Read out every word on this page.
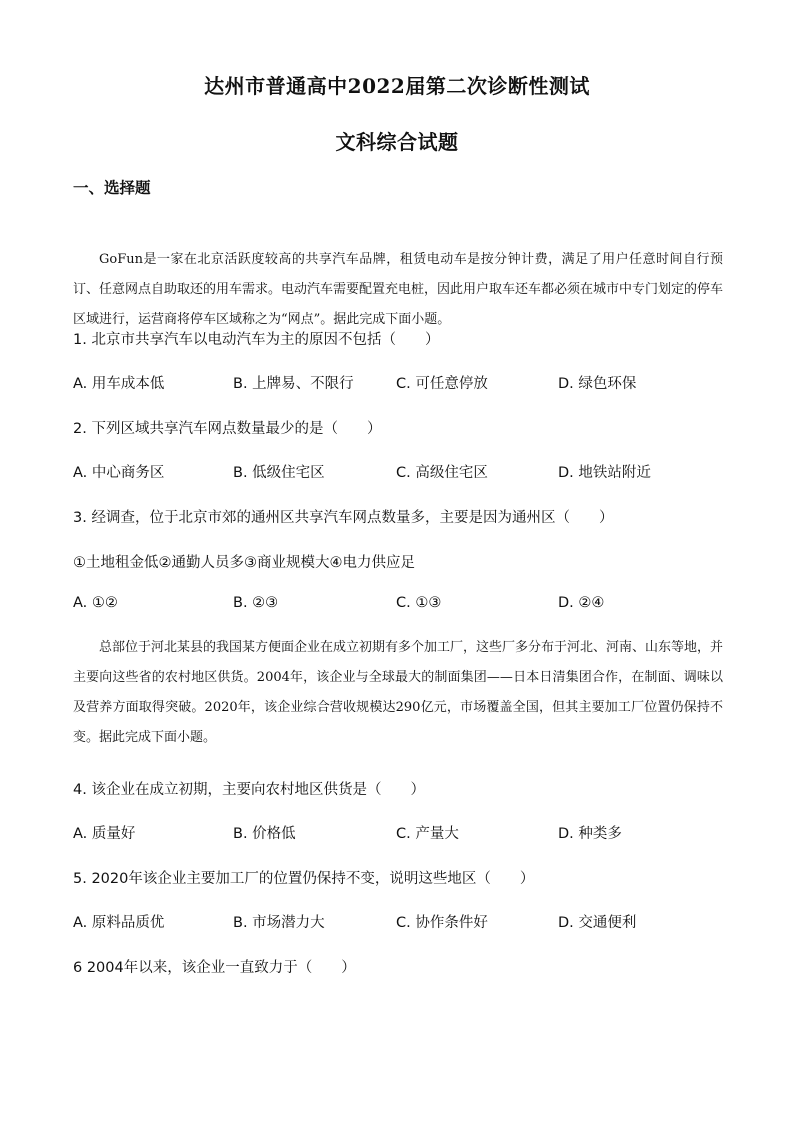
达州市普通高中2022届第二次诊断性测试
文科综合试题
一、选择题
GoFun是一家在北京活跃度较高的共享汽车品牌，租赁电动车是按分钟计费，满足了用户任意时间自行预订、任意网点自助取还的用车需求。电动汽车需要配置充电桩，因此用户取车还车都必须在城市中专门划定的停车区域进行，运营商将停车区域称之为“网点”。据此完成下面小题。
1. 北京市共享汽车以电动汽车为主的原因不包括（　　）
A. 用车成本低	B. 上牌易、不限行	C. 可任意停放	D. 绿色环保
2. 下列区域共享汽车网点数量最少的是（　　）
A. 中心商务区	B. 低级住宅区	C. 高级住宅区	D. 地铁站附近
3. 经调查，位于北京市郊的通州区共享汽车网点数量多，主要是因为通州区（　　）
①土地租金低②通勤人员多③商业规模大④电力供应足
A. ①②	B. ②③	C. ①③	D. ②④
总部位于河北某县的我国某方便面企业在成立初期有多个加工厂，这些厂多分布于河北、河南、山东等地，并主要向这些省的农村地区供货。2004年，该企业与全球最大的制面集团——日本日清集团合作，在制面、调味以及营养方面取得突破。2020年，该企业综合营收规模达290亿元，市场覆盖全国，但其主要加工厂位置仍保持不变。据此完成下面小题。
4. 该企业在成立初期，主要向农村地区供货是（　　）
A. 质量好	B. 价格低	C. 产量大	D. 种类多
5. 2020年该企业主要加工厂的位置仍保持不变，说明这些地区（　　）
A. 原料品质优	B. 市场潜力大	C. 协作条件好	D. 交通便利
6 2004年以来，该企业一直致力于（　　）
